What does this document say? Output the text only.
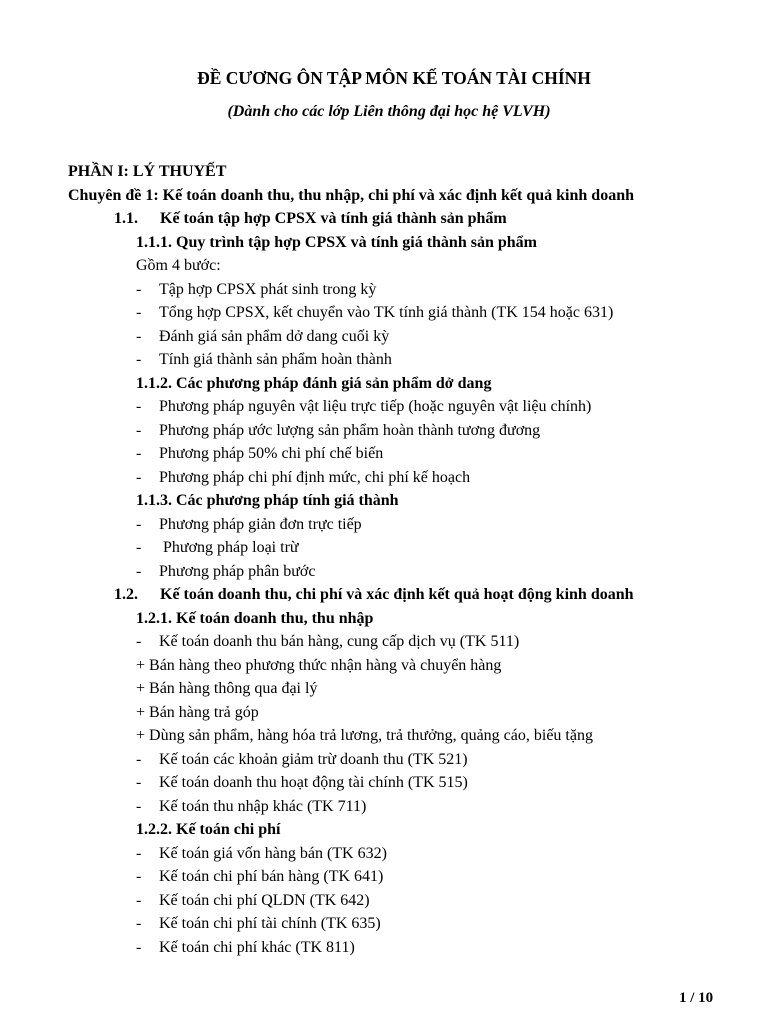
ĐỀ CƯƠNG ÔN TẬP MÔN KẾ TOÁN TÀI CHÍNH
(Dành cho các lớp Liên thông đại học hệ VLVH)
PHẦN I: LÝ THUYẾT
Chuyên đề 1: Kế toán doanh thu, thu nhập, chi phí và xác định kết quả kinh doanh
1.1. Kế toán tập hợp CPSX và tính giá thành sản phẩm
1.1.1. Quy trình tập hợp CPSX và tính giá thành sản phẩm
Gồm 4 bước:
- Tập hợp CPSX phát sinh trong kỳ
- Tổng hợp CPSX, kết chuyển vào TK tính giá thành (TK 154 hoặc 631)
- Đánh giá sản phẩm dở dang cuối kỳ
- Tính giá thành sản phẩm hoàn thành
1.1.2. Các phương pháp đánh giá sản phẩm dở dang
- Phương pháp nguyên vật liệu trực tiếp (hoặc nguyên vật liệu chính)
- Phương pháp ước lượng sản phẩm hoàn thành tương đương
- Phương pháp 50% chi phí chế biến
- Phương pháp chi phí định mức, chi phí kế hoạch
1.1.3. Các phương pháp tính giá thành
- Phương pháp giản đơn trực tiếp
- Phương pháp loại trừ
- Phương pháp phân bước
1.2. Kế toán doanh thu, chi phí và xác định kết quả hoạt động kinh doanh
1.2.1. Kế toán doanh thu, thu nhập
- Kế toán doanh thu bán hàng, cung cấp dịch vụ (TK 511)
+ Bán hàng theo phương thức nhận hàng và chuyển hàng
+ Bán hàng thông qua đại lý
+ Bán hàng trả góp
+ Dùng sản phẩm, hàng hóa trả lương, trả thưởng, quảng cáo, biếu tặng
- Kế toán các khoản giảm trừ doanh thu (TK 521)
- Kế toán doanh thu hoạt động tài chính (TK 515)
- Kế toán thu nhập khác (TK 711)
1.2.2. Kế toán chi phí
- Kế toán giá vốn hàng bán (TK 632)
- Kế toán chi phí bán hàng (TK 641)
- Kế toán chi phí QLDN (TK 642)
- Kế toán chi phí tài chính (TK 635)
- Kế toán chi phí khác (TK 811)
1 / 10
